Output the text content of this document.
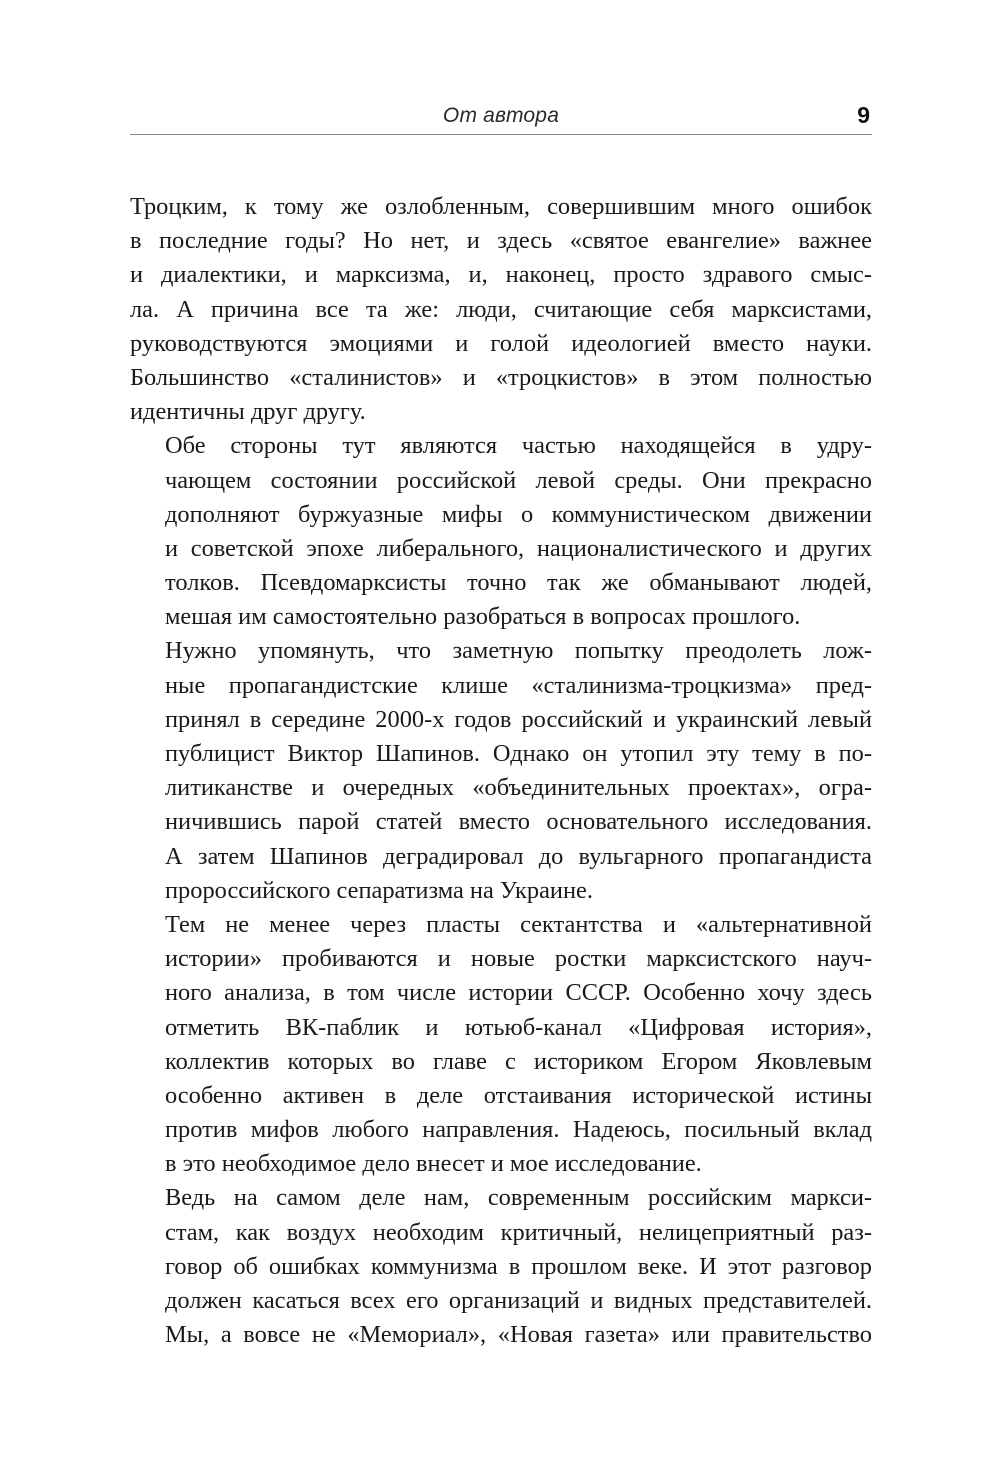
От автора	9

Троцким, к тому же озлобленным, совершившим много ошибок
в последние годы? Но нет, и здесь «святое евангелие» важнее
и диалектики, и марксизма, и, наконец, просто здравого смыс-
ла. А причина все та же: люди, считающие себя марксистами,
руководствуются эмоциями и голой идеологией вместо науки.
Большинство «сталинистов» и «троцкистов» в этом полностью
идентичны друг другу.

Обе стороны тут являются частью находящейся в удру-
чающем состоянии российской левой среды. Они прекрасно
дополняют буржуазные мифы о коммунистическом движении
и советской эпохе либерального, националистического и других
толков. Псевдомарксисты точно так же обманывают людей,
мешая им самостоятельно разобраться в вопросах прошлого.

Нужно упомянуть, что заметную попытку преодолеть лож-
ные пропагандистские клише «сталинизма-троцкизма» пред-
принял в середине 2000-х годов российский и украинский левый
публицист Виктор Шапинов. Однако он утопил эту тему в по-
литиканстве и очередных «объединительных проектах», огра-
ничившись парой статей вместо основательного исследования.
А затем Шапинов деградировал до вульгарного пропагандиста
пророссийского сепаратизма на Украине.

Тем не менее через пласты сектантства и «альтернативной
истории» пробиваются и новые ростки марксистского науч-
ного анализа, в том числе истории СССР. Особенно хочу здесь
отметить ВК-паблик и ютьюб-канал «Цифровая история»,
коллектив которых во главе с историком Егором Яковлевым
особенно активен в деле отстаивания исторической истины
против мифов любого направления. Надеюсь, посильный вклад
в это необходимое дело внесет и мое исследование.

Ведь на самом деле нам, современным российским маркси-
стам, как воздух необходим критичный, нелицеприятный раз-
говор об ошибках коммунизма в прошлом веке. И этот разговор
должен касаться всех его организаций и видных представителей.
Мы, а вовсе не «Мемориал», «Новая газета» или правительство
